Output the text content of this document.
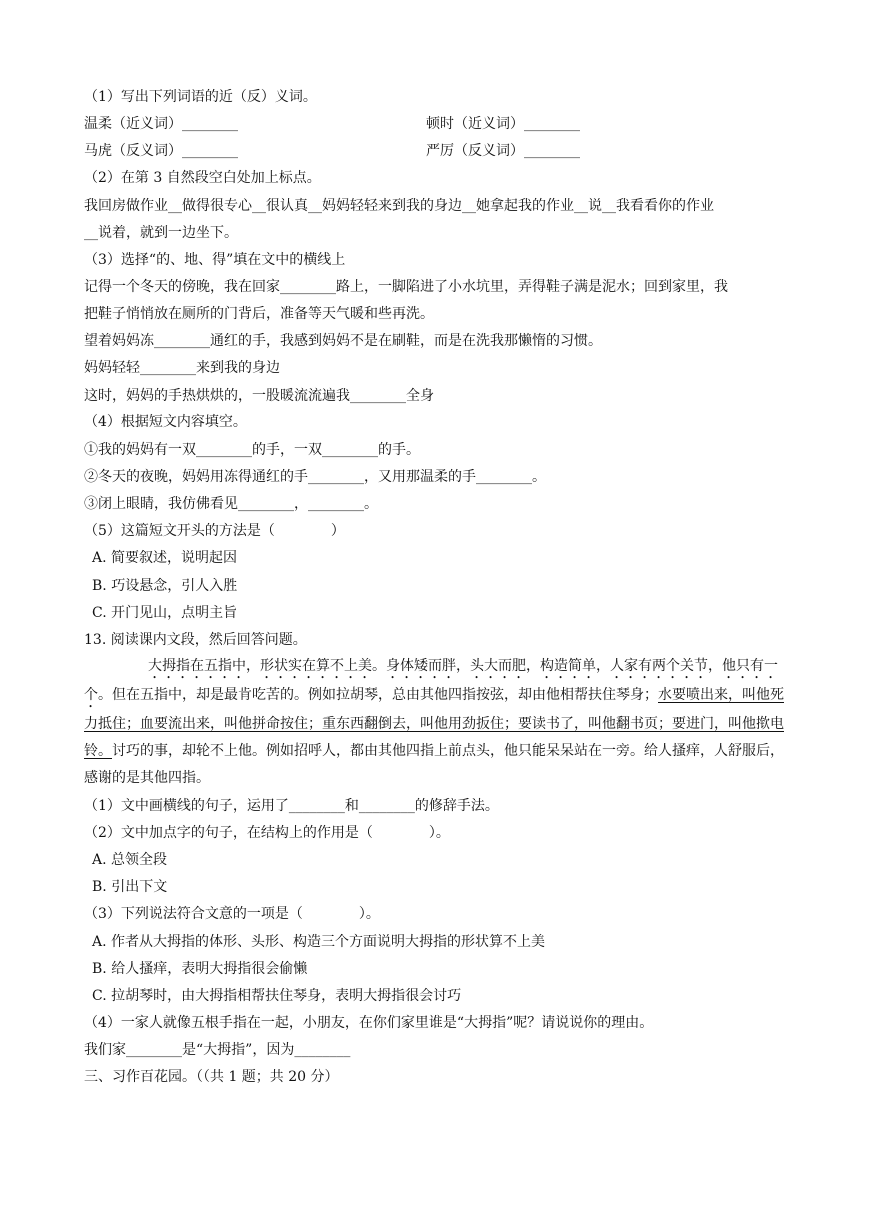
（1）写出下列词语的近（反）义词。
温柔（近义词）________	顿时（近义词）________
马虎（反义词）________	严厉（反义词）________
（2）在第 3 自然段空白处加上标点。
我回房做作业__做得很专心__很认真__妈妈轻轻来到我的身边__她拿起我的作业__说__我看看你的作业
__说着，就到一边坐下。
（3）选择“的、地、得”填在文中的横线上
记得一个冬天的傍晚，我在回家________路上，一脚陷进了小水坑里，弄得鞋子满是泥水；回到家里，我
把鞋子悄悄放在厕所的门背后，准备等天气暖和些再洗。
望着妈妈冻________通红的手，我感到妈妈不是在刷鞋，而是在洗我那懒惰的习惯。
妈妈轻轻________来到我的身边
这时，妈妈的手热烘烘的，一股暖流流遍我________全身
（4）根据短文内容填空。
①我的妈妈有一双________的手，一双________的手。
②冬天的夜晚，妈妈用冻得通红的手________，又用那温柔的手________。
③闭上眼睛，我仿佛看见________，________。
（5）这篇短文开头的方法是（　　　　）
A. 简要叙述，说明起因
B. 巧设悬念，引人入胜
C. 开门见山，点明主旨
13. 阅读课内文段，然后回答问题。
大拇指在五指中，形状实在算不上美。身体矮而胖，头大而肥，构造简单，人家有两个关节，他只有一个。但在五指中，却是最肯吃苦的。例如拉胡琴，总由其他四指按弦，却由他相帮扶住琴身；水要喷出来，叫他死力抵住；血要流出来，叫他拼命按住；重东西翻倒去，叫他用劲扳住；要读书了，叫他翻书页；要进门，叫他揿电铃。讨巧的事，却轮不上他。例如招呼人，都由其他四指上前点头，他只能呆呆站在一旁。给人搔痒，人舒服后，感谢的是其他四指。
（1）文中画横线的句子，运用了________和________的修辞手法。
（2）文中加点字的句子，在结构上的作用是（　　　　）。
A. 总领全段
B. 引出下文
（3）下列说法符合文意的一项是（　　　　）。
A. 作者从大拇指的体形、头形、构造三个方面说明大拇指的形状算不上美
B. 给人搔痒，表明大拇指很会偷懒
C. 拉胡琴时，由大拇指相帮扶住琴身，表明大拇指很会讨巧
（4）一家人就像五根手指在一起，小朋友，在你们家里谁是“大拇指”呢？请说说你的理由。
我们家________是“大拇指”，因为________
三、习作百花园。（（共 1 题；共 20 分）
